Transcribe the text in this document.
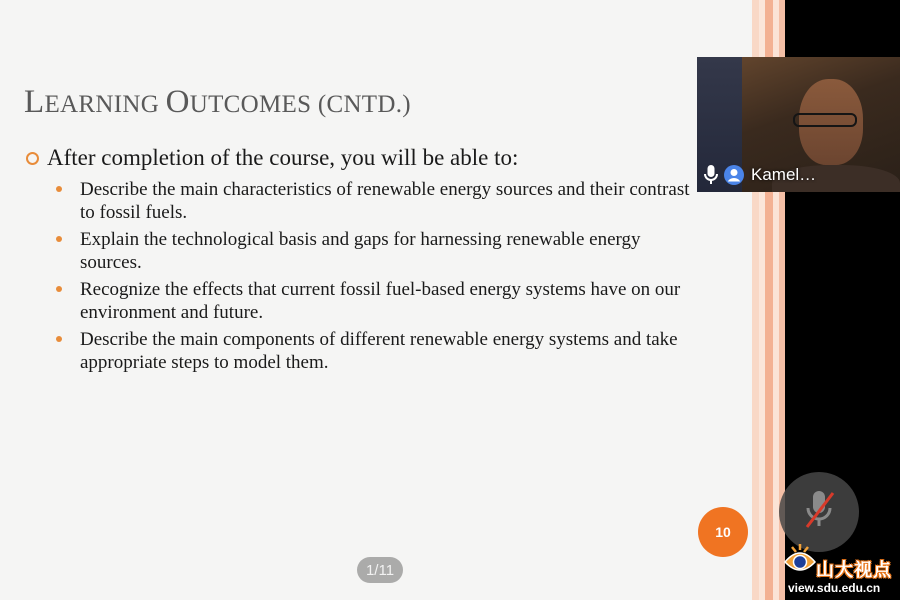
LEARNING OUTCOMES (CNTD.)
After completion of the course, you will be able to:
Describe the main characteristics of renewable energy sources and their contrast to fossil fuels.
Explain the technological basis and gaps for harnessing renewable energy sources.
Recognize the effects that current fossil fuel-based energy systems have on our environment and future.
Describe the main components of different renewable energy systems and take appropriate steps to model them.
1/11
10
Kamel…
山大视点
view.sdu.edu.cn
